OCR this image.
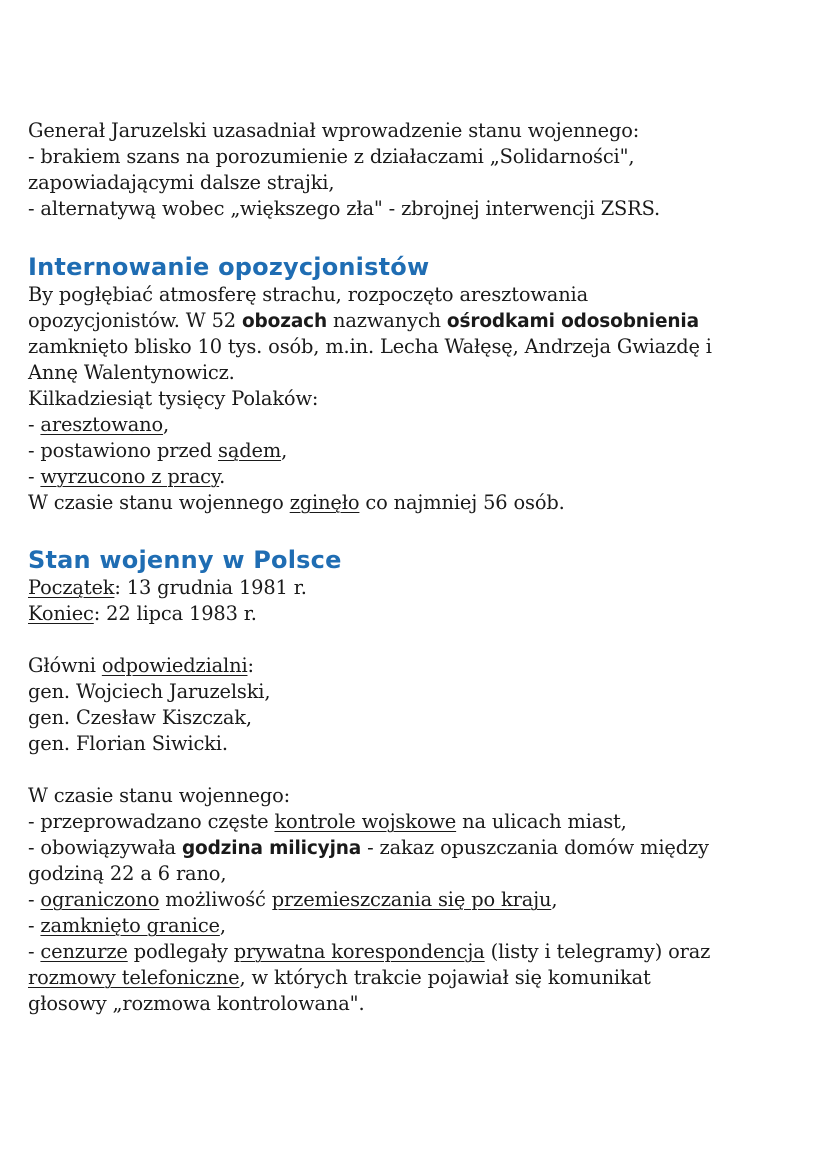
Generał Jaruzelski uzasadniał wprowadzenie stanu wojennego:
- brakiem szans na porozumienie z działaczami „Solidarności",
zapowiadającymi dalsze strajki,
- alternatywą wobec „większego zła" - zbrojnej interwencji ZSRS.
Internowanie opozycjonistów
By pogłębiać atmosferę strachu, rozpoczęto aresztowania
opozycjonistów. W 52 obozach nazwanych ośrodkami odosobnienia
zamknięto blisko 10 tys. osób, m.in. Lecha Wałęsę, Andrzeja Gwiazdę i
Annę Walentynowicz.
Kilkadziesiąt tysięcy Polaków:
- aresztowano,
- postawiono przed sądem,
- wyrzucono z pracy.
W czasie stanu wojennego zginęło co najmniej 56 osób.
Stan wojenny w Polsce
Początek: 13 grudnia 1981 r.
Koniec: 22 lipca 1983 r.
Główni odpowiedzialni:
gen. Wojciech Jaruzelski,
gen. Czesław Kiszczak,
gen. Florian Siwicki.
W czasie stanu wojennego:
- przeprowadzano częste kontrole wojskowe na ulicach miast,
- obowiązywała godzina milicyjna - zakaz opuszczania domów między
godziną 22 a 6 rano,
- ograniczono możliwość przemieszczania się po kraju,
- zamknięto granice,
- cenzurze podlegały prywatna korespondencja (listy i telegramy) oraz
rozmowy telefoniczne, w których trakcie pojawiał się komunikat
głosowy „rozmowa kontrolowana".
